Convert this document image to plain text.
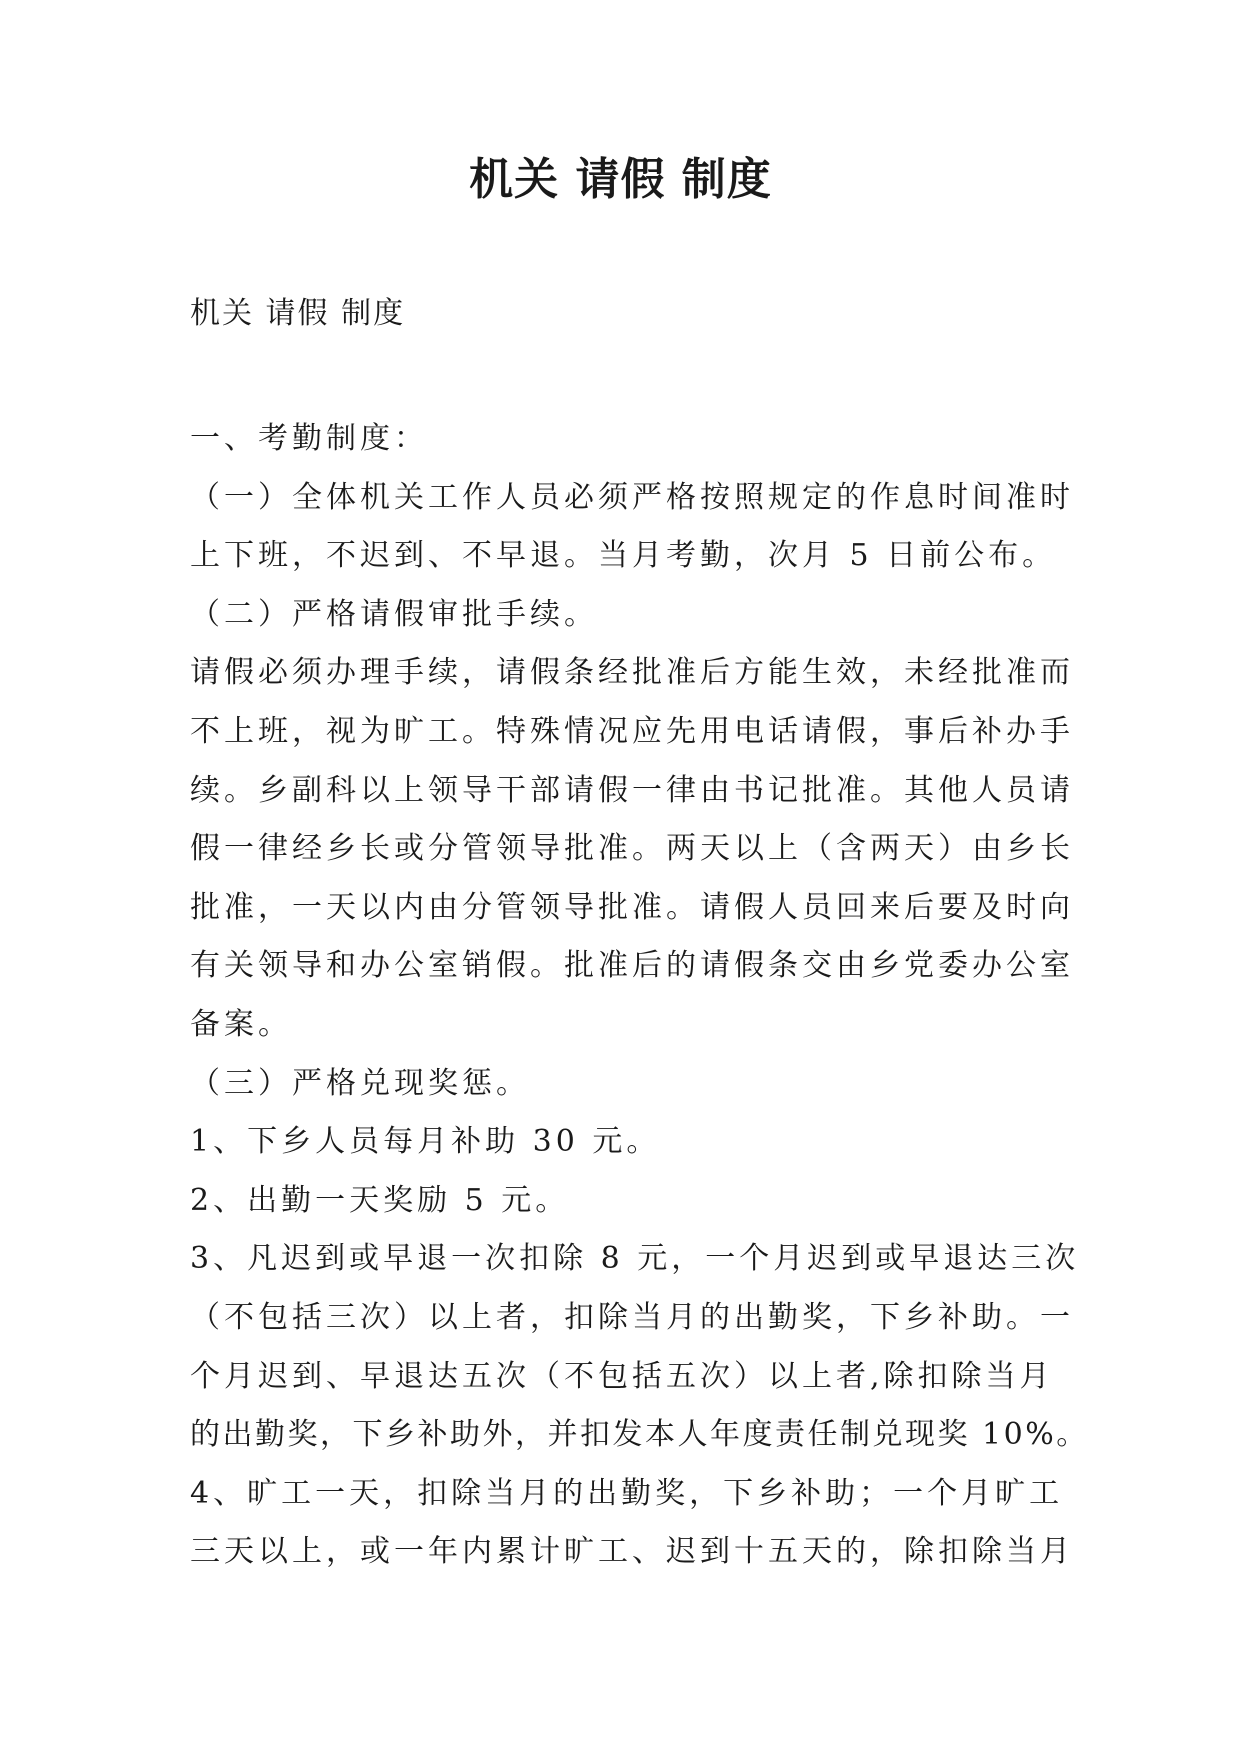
机关 请假 制度

机关 请假 制度

一、考勤制度：
（一）全体机关工作人员必须严格按照规定的作息时间准时
上下班，不迟到、不早退。当月考勤，次月 5 日前公布。
（二）严格请假审批手续。
请假必须办理手续，请假条经批准后方能生效，未经批准而
不上班，视为旷工。特殊情况应先用电话请假，事后补办手
续。乡副科以上领导干部请假一律由书记批准。其他人员请
假一律经乡长或分管领导批准。两天以上（含两天）由乡长
批准，一天以内由分管领导批准。请假人员回来后要及时向
有关领导和办公室销假。批准后的请假条交由乡党委办公室
备案。
（三）严格兑现奖惩。
1、下乡人员每月补助 30 元。
2、出勤一天奖励 5 元。
3、凡迟到或早退一次扣除 8 元，一个月迟到或早退达三次
（不包括三次）以上者，扣除当月的出勤奖，下乡补助。一
个月迟到、早退达五次（不包括五次）以上者,除扣除当月
的出勤奖，下乡补助外，并扣发本人年度责任制兑现奖 10%。
4、旷工一天，扣除当月的出勤奖，下乡补助；一个月旷工
三天以上，或一年内累计旷工、迟到十五天的，除扣除当月
